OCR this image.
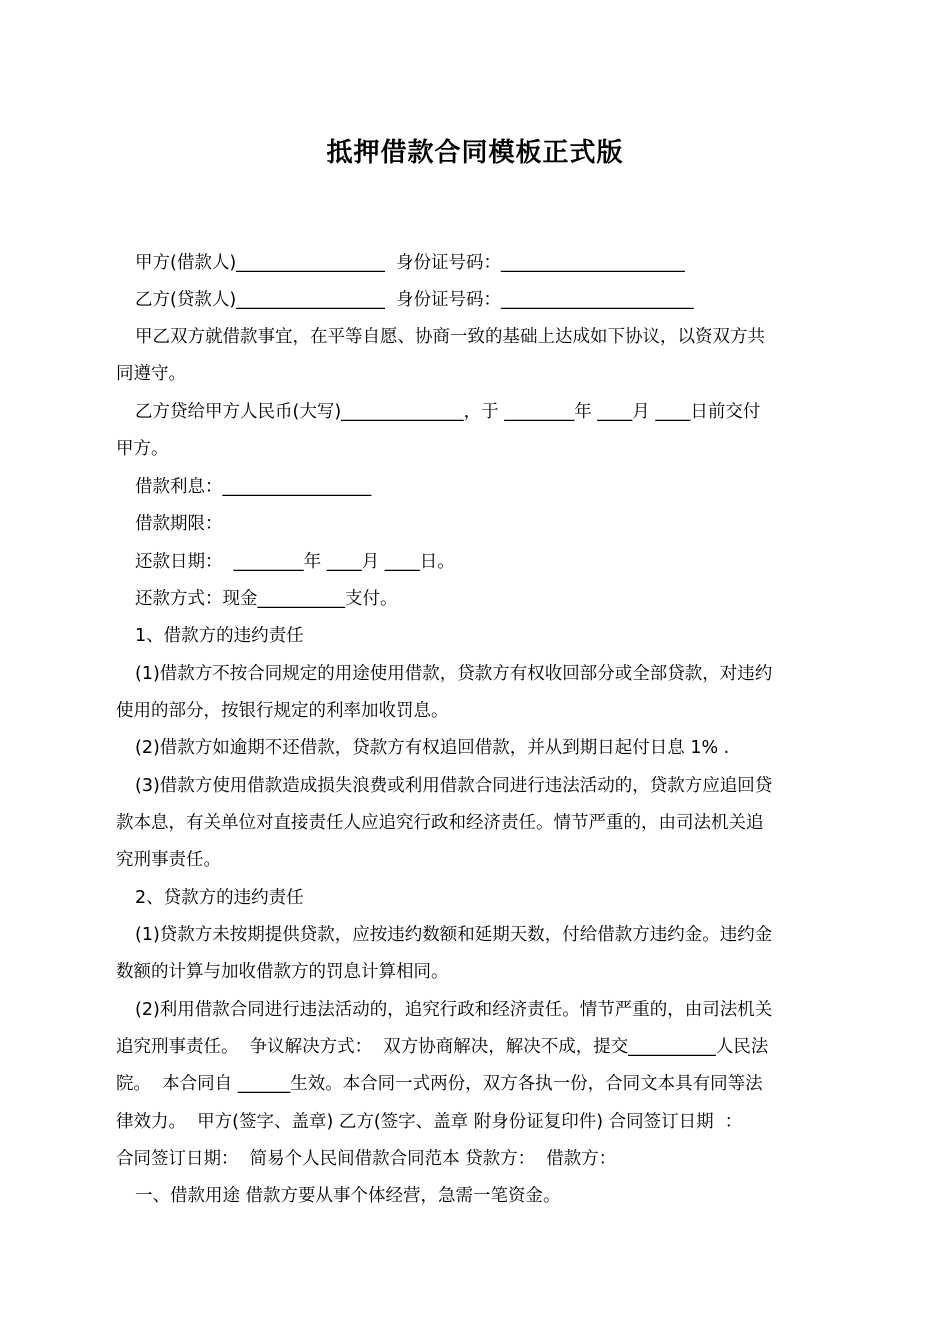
抵押借款合同模板正式版
甲方(借款人)_________________  身份证号码：_____________________
乙方(贷款人)_________________  身份证号码：______________________
甲乙双方就借款事宜，在平等自愿、协商一致的基础上达成如下协议，以资双方共
同遵守。
乙方贷给甲方人民币(大写)______________，于 ________年 ____月 ____日前交付
甲方。
借款利息：_________________
借款期限：
还款日期：  ________年 ____月 ____日。
还款方式：现金__________支付。
1、借款方的违约责任
(1)借款方不按合同规定的用途使用借款，贷款方有权收回部分或全部贷款，对违约
使用的部分，按银行规定的利率加收罚息。
(2)借款方如逾期不还借款，贷款方有权追回借款，并从到期日起付日息 1% .
(3)借款方使用借款造成损失浪费或利用借款合同进行违法活动的，贷款方应追回贷
款本息，有关单位对直接责任人应追究行政和经济责任。情节严重的，由司法机关追
究刑事责任。
2、贷款方的违约责任
(1)贷款方未按期提供贷款，应按违约数额和延期天数，付给借款方违约金。违约金
数额的计算与加收借款方的罚息计算相同。
(2)利用借款合同进行违法活动的，追究行政和经济责任。情节严重的，由司法机关
追究刑事责任。  争议解决方式：  双方协商解决，解决不成，提交__________人民法
院。  本合同自 ______生效。本合同一式两份，双方各执一份，合同文本具有同等法
律效力。  甲方(签字、盖章) 乙方(签字、盖章 附身份证复印件) 合同签订日期  ：
合同签订日期：  简易个人民间借款合同范本 贷款方：  借款方：
一、借款用途 借款方要从事个体经营，急需一笔资金。
